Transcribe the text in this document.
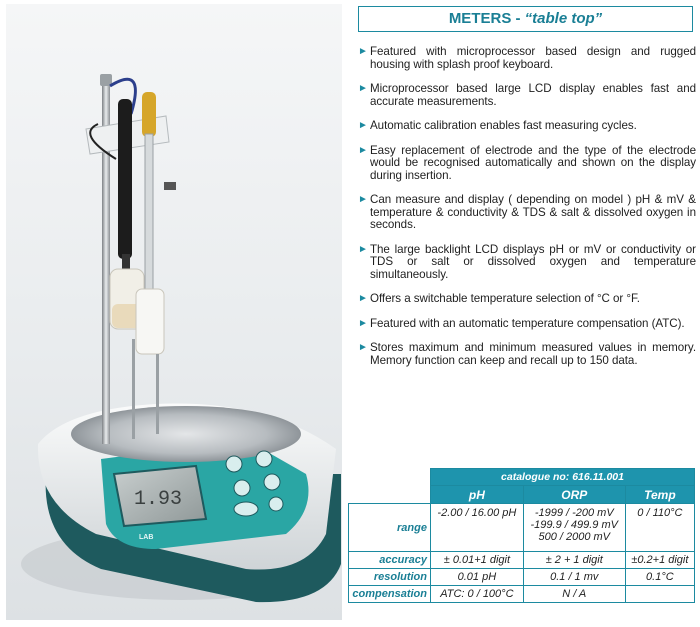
1.93
LAB
METERS - “table top”
► Featured with microprocessor based design and rugged housing with splash proof keyboard.
► Microprocessor based large LCD display enables fast and accurate measurements.
► Automatic calibration enables fast measuring cycles.
► Easy replacement of electrode and the type of the electrode would be recognised automatically and shown on the display during insertion.
► Can measure and display ( depending on model ) pH & mV & temperature & conductivity & TDS & salt & dissolved oxygen in seconds.
► The large backlight LCD displays pH or mV or conductivity or TDS or salt or dissolved oxygen and temperature simultaneously.
► Offers a switchable temperature selection of °C or °F.
► Featured with an automatic temperature compensation (ATC).
► Stores maximum and minimum measured values in memory. Memory function can keep and recall up to 150 data.
	catalogue no: 616.11.001		
	pH	ORP	Temp
range	-2.00 / 16.00 pH	-1999 / -200 mV
-199.9 / 499.9 mV
500 / 2000 mV	0 / 110°C
accuracy	± 0.01+1 digit	± 2 + 1 digit	±0.2+1 digit
resolution	0.01 pH	0.1 / 1 mv	0.1°C
compensation	ATC: 0 / 100°C	N / A	
